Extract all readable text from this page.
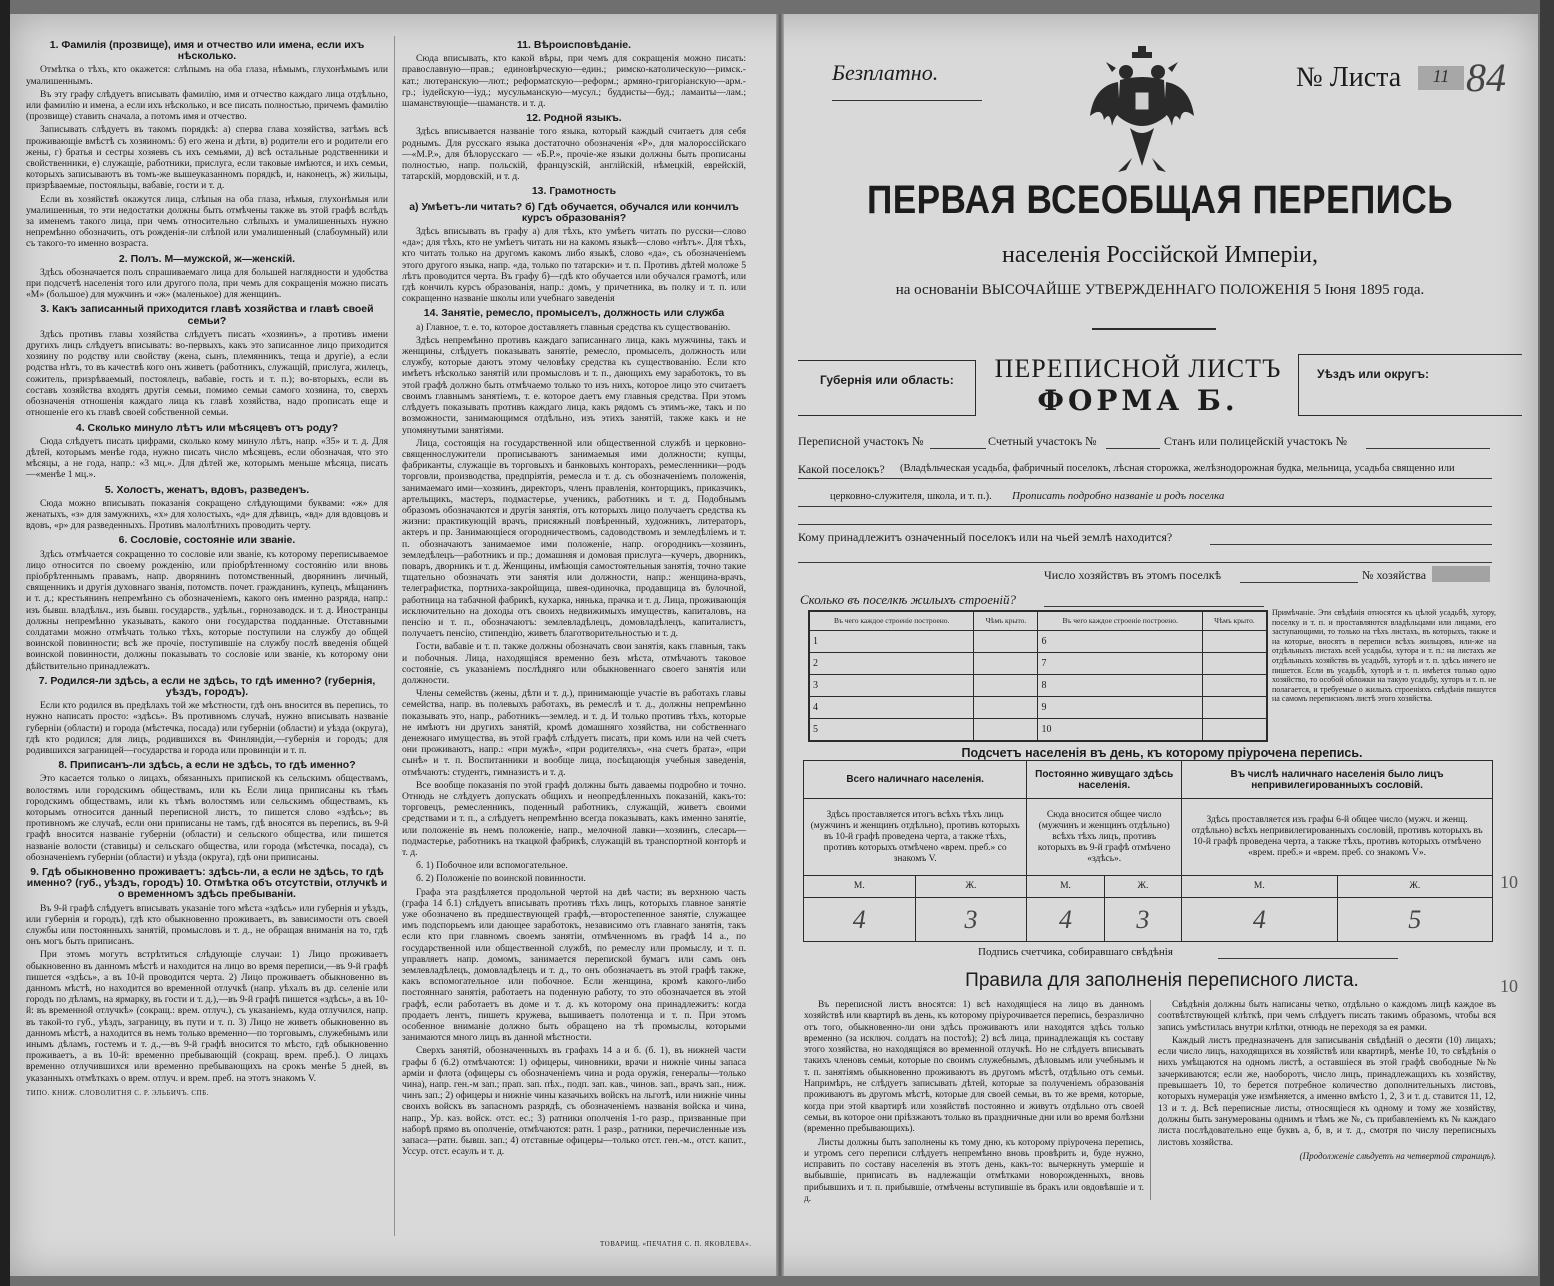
1. Фамилія (прозвище), имя и отчество или имена, если ихъ нѣсколько.

Отмѣтка о тѣхъ, кто окажется: слѣпымъ на оба глаза, нѣмымъ, глухонѣмымъ или умалишеннымъ.

Въ эту графу слѣдуетъ вписывать фамилію, имя и отчество каждаго лица отдѣльно, или фамилію и имена, а если ихъ нѣсколько, и все писать полностью, причемъ фамилію (прозвище) ставить сначала, а потомъ имя и отчество.

Записывать слѣдуетъ въ такомъ порядкѣ: а) сперва глава хозяйства, затѣмъ всѣ проживающіе вмѣстѣ съ хозяиномъ: б) его жена и дѣти, в) родители его и родители его жены, г) братья и сестры хозяевъ съ ихъ семьями, д) всѣ остальные родственники и свойственники, е) служащіе, работники, прислуга, если таковые имѣются, и ихъ семьи, которыхъ записываютъ въ томъ-же вышеуказанномъ порядкѣ, и, наконецъ, ж) жильцы, призрѣваемые, постояльцы, вабавіе, гости и т. д.

Если въ хозяйствѣ окажутся лица, слѣпыя на оба глаза, нѣмыя, глухонѣмыя или умалишенныя, то эти недостатки должны быть отмѣчены также въ этой графѣ вслѣдъ за именемъ такого лица, при чемъ относительно слѣпыхъ и умалишенныхъ нужно непремѣнно обозначить, отъ рожденія-ли слѣпой или умалишенный (слабоумный) или съ такого-то именно возраста.

2. Полъ. М—мужской, ж—женскій.

Здѣсь обозначается полъ спрашиваемаго лица для большей наглядности и удобства при подсчетѣ населенія того или другого пола, при чемъ для сокращенія можно писать «М» (большое) для мужчинъ и «ж» (маленькое) для женщинъ.

3. Какъ записанный приходится главѣ хозяйства и главѣ своей семьи?

Здѣсь противъ главы хозяйства слѣдуетъ писать «хозяинъ», а противъ имени другихъ лицъ слѣдуетъ вписывать: во-первыхъ, какъ это записанное лицо приходится хозяину по родству или свойству (жена, сынъ, племянникъ, теща и другіе), а если родства нѣтъ, то въ качествѣ кого онъ живетъ (работникъ, служащій, прислуга, жилецъ, сожитель, призрѣваемый, постоялецъ, вабавіе, гость и т. п.); во-вторыхъ, если въ составъ хозяйства входятъ другія семьи, помимо семьи самого хозяина, то, сверхъ обозначенія отношенія каждаго лица къ главѣ хозяйства, надо прописать еще и отношеніе его къ главѣ своей собственной семьи.

4. Сколько минуло лѣтъ или мѣсяцевъ отъ роду?

Сюда слѣдуетъ писать цифрами, сколько кому минуло лѣтъ, напр. «35» и т. д. Для дѣтей, которымъ менѣе года, нужно писать число мѣсяцевъ, если обозначая, что это мѣсяцы, а не года, напр.: «3 мц.». Для дѣтей же, которымъ меньше мѣсяца, писать—«менѣе 1 мц.».

5. Холостъ, женатъ, вдовъ, разведенъ.

Сюда можно вписывать показанія сокращено слѣдующими буквами: «ж» для женатыхъ, «з» для замужнихъ, «х» для холостыхъ, «д» для дѣвицъ, «вд» для вдовцовъ и вдовъ, «р» для разведенныхъ. Противъ малолѣтнихъ проводить черту.

6. Сословіе, состояніе или званіе.

Здѣсь отмѣчается сокращенно то сословіе или званіе, къ которому переписываемое лицо относится по своему рожденію, или пріобрѣтенному состоянію или вновь пріобрѣтеннымъ правамъ, напр. дворянинъ потомственный, дворянинъ личный, священникъ и другія духовнаго званія, потомств. почет. гражданинъ, купецъ, мѣщанинъ и т. д.; крестьянинъ непремѣнно съ обозначеніемъ, какого онъ именно разряда, напр.: изъ бывш. владѣльч., изъ бывш. государств., удѣльн., горнозаводск. и т. д. Иностранцы должны непремѣнно указывать, какого они государства подданные. Отставными солдатами можно отмѣчать только тѣхъ, которые поступили на службу до общей воинской повинности; всѣ же прочіе, поступившіе на службу послѣ введенія общей воинской повинности, должны показывать то сословіе или званіе, къ которому они дѣйствительно принадлежатъ.

7. Родился-ли здѣсь, а если не здѣсь, то гдѣ именно? (губернія, уѣздъ, городъ).

Если кто родился въ предѣлахъ той же мѣстности, гдѣ онъ вносится въ перепись, то нужно написать просто: «здѣсь». Въ противномъ случаѣ, нужно вписывать названіе губерніи (области) и города (мѣстечка, посада) или губерніи (области) и уѣзда (округа), гдѣ кто родился; для лицъ, родившихся въ Финляндіи,—губернія и городъ; для родившихся заграницей—государства и города или провинціи и т. п.

8. Приписанъ-ли здѣсь, а если не здѣсь, то гдѣ именно?

Это касается только о лицахъ, обязанныхъ припиской къ сельскимъ обществамъ, волостямъ или городскимъ обществамъ, или къ Если лица приписаны къ тѣмъ городскимъ обществамъ, или къ тѣмъ волостямъ или сельскимъ обществамъ, къ которымъ относится данный переписной листъ, то пишется слово «здѣсь»; въ противномъ же случаѣ, если они приписаны не тамъ, гдѣ вносятся въ перепись, въ 9-й графѣ вносится названіе губерніи (области) и сельского общества, или пишется названіе волости (ставицы) и сельскаго общества, или города (мѣстечка, посада), съ обозначеніемъ губерніи (области) и уѣзда (округа), гдѣ они приписаны.

9. Гдѣ обыкновенно проживаетъ: здѣсь-ли, а если не здѣсь, то гдѣ именно? (губ., уѣздъ, городъ) 10. Отмѣтка объ отсутствіи, отлучкѣ и о временномъ здѣсь пребываніи.

Въ 9-й графѣ слѣдуетъ вписывать указаніе того мѣста «здѣсь» или губернія и уѣздъ, или губернія и городъ), гдѣ кто обыкновенно проживаетъ, въ зависимости отъ своей службы или постоянныхъ занятій, промысловъ и т. д., не обращая вниманія на то, гдѣ онъ могъ быть приписанъ.

При этомъ могутъ встрѣтиться слѣдующіе случаи: 1) Лицо проживаетъ обыкновенно въ данномъ мѣстѣ и находится на лицо во время переписи,—въ 9-й графѣ пишется «здѣсь», а въ 10-й проводится черта. 2) Лицо проживаетъ обыкновенно въ данномъ мѣстѣ, но находится во временной отлучкѣ (напр. уѣхалъ въ др. селеніе или городъ по дѣламъ, на ярмарку, въ гости и т. д.),—въ 9-й графѣ пишется «здѣсь», а въ 10-й: въ временной отлучкѣ» (сокращ.: врем. отлуч.), съ указаніемъ, куда отлучился, напр. въ такой-то губ., уѣздъ, заграницу, въ пути и т. п. 3) Лицо не живетъ обыкновенно въ данномъ мѣстѣ, а находится въ немъ только временно—по торговымъ, служебнымъ или инымъ дѣламъ, гостемъ и т. д.,—въ 9-й графѣ вносится то мѣсто, гдѣ обыкновенно проживаетъ, а въ 10-й: временно пребывающій (сокращ. врем. преб.). О лицахъ временно отлучившихся или временно пребывающихъ на срокъ менѣе 5 дней, въ указанныхъ отмѣткахъ о врем. отлуч. и врем. преб. на этотъ знакомъ V.

ТИПО. КНИЖ. СЛОВОЛИТНЯ С. Р. ЭЛЬБИЧЪ. СПБ.

11. Вѣроисповѣданіе.

Сюда вписывать, кто какой вѣры, при чемъ для сокращенія можно писать: православную—прав.; единовѣрческую—един.; римско-католическую—римск.-кат.; лютеранскую—лют.; реформатскую—реформ.; армяно-григоріанскую—арм.-гр.; іудейскую—іуд.; мусульманскую—мусул.; буддисты—буд.; ламаиты—лам.; шаманствующіе—шаманств. и т. д.

12. Родной языкъ.

Здѣсь вписывается названіе того языка, который каждый считаетъ для себя роднымъ. Для русскаго языка достаточно обозначенія «Р», для малороссійскаго—«М.Р.», для бѣлорусскаго — «Б.Р.», прочіе-же языки должны быть прописаны полностью, напр. польскій, французскій, англійскій, нѣмецкій, еврейскій, татарскій, мордовскій, и т. д.

13. Грамотность
а) Умѣетъ-ли читать? б) Гдѣ обучается, обучался или кончилъ курсъ образованія?

Здѣсь вписывать въ графу а) для тѣхъ, кто умѣетъ читать по русски—слово «да»; для тѣхъ, кто не умѣетъ читать ни на какомъ языкѣ—слово «нѣтъ». Для тѣхъ, кто читать только на другомъ какомъ либо языкѣ, слово «да», съ обозначеніемъ этого другого языка, напр. «да, только по татарски» и т. п. Противъ дѣтей моложе 5 лѣтъ проводится черта. Въ графу б)—гдѣ кто обучается или обучался грамотѣ, или гдѣ кончилъ курсъ образованія, напр.: домъ, у причетника, въ полку и т. п. или сокращенно названіе школы или учебнаго заведенія

14. Занятіе, ремесло, промыселъ, должность или служба

а) Главное, т. е. то, которое доставляетъ главныя средства къ существованію.

Здѣсь непремѣнно противъ каждаго записаннаго лица, какъ мужчины, такъ и женщины, слѣдуетъ показывать занятіе, ремесло, промыселъ, должность или службу, которые даютъ этому человѣку средства къ существованію. Если кто имѣетъ нѣсколько занятій или промысловъ и т. п., дающихъ ему заработокъ, то въ этой графѣ должно быть отмѣчаемо только то изъ нихъ, которое лицо это считаетъ своимъ главнымъ занятіемъ, т. е. которое даетъ ему главныя средства. При этомъ слѣдуетъ показывать противъ каждаго лица, какъ рядомъ съ этимъ-же, такъ и по возможности, занимающимся отдѣльно, изъ этихъ занятій, также какъ и не упомянутыми занятіями.

Лица, состоящія на государственной или общественной службѣ и церковно-священнослужители прописываютъ занимаемыя ими должности; купцы, фабриканты, служащіе въ торговыхъ и банковыхъ конторахъ, ремесленники—родъ торговли, производства, предпріятія, ремесла и т. д. съ обозначеніемъ положенія, занимаемаго ими—хозяинъ, директоръ, членъ правленія, конторщикъ, приказчикъ, артельщикъ, мастеръ, подмастерье, ученикъ, работникъ и т. д. Подобнымъ образомъ обозначаются и другія занятія, отъ которыхъ лицо получаетъ средства къ жизни: практикующій врачъ, присяжный повѣренный, художникъ, литераторъ, актеръ и пр. Занимающіеся огородничествомъ, садоводствомъ и земледѣліемъ и т. п. обозначаютъ занимаемое ими положеніе, напр. огородникъ—хозяинъ, земледѣлецъ—работникъ и пр.; домашняя и домовая прислуга—кучеръ, дворникъ, поваръ, дворникъ и т. д. Женщины, имѣющія самостоятельныя занятія, точно такие тщательно обозначать эти занятія или должности, напр.: женщина-врачъ, телеграфистка, портниха-закройщица, швея-одиночка, продавщица въ булочной, работница на табачной фабрикѣ, кухарка, нянька, прачка и т. д. Лица, проживающія исключительно на доходы отъ своихъ недвижимыхъ имуществъ, капиталовъ, на пенсію и т. п., обозначаютъ: землевладѣлецъ, домовладѣлецъ, капиталистъ, получаетъ пенсію, стипендію, живетъ благотворительностью и т. д.

Гости, вабавіе и т. п. также должны обозначать свои занятія, какъ главныя, такъ и побочныя. Лица, находящіяся временно безъ мѣста, отмѣчаютъ таковое состояніе, съ указаніемъ послѣдняго или обыкновеннаго своего занятія или должности.

Члены семействъ (жены, дѣти и т. д.), принимающіе участіе въ работахъ главы семейства, напр. въ полевыхъ работахъ, въ ремеслѣ и т. д., должны непремѣнно показывать это, напр., работникъ—землед. и т. д. И только противъ тѣхъ, которые не имѣютъ ни другихъ занятій, кромѣ домашняго хозяйства, ни собственнаго денежнаго имущества, въ этой графѣ слѣдуетъ писать, при комъ или на чей счетъ они проживаютъ, напр.: «при мужѣ», «при родителяхъ», «на счетъ брата», «при сынѣ» и т. п. Воспитанники и вообще лица, посѣщающія учебныя заведенія, отмѣчаютъ: студентъ, гимназистъ и т. д.

Все вообще показанія по этой графѣ должны быть даваемы подробно и точно. Отнюдь не слѣдуетъ допускать общихъ и неопредѣленныхъ показаній, какъ-то: торговецъ, ремесленникъ, поденный работникъ, служащій, живетъ своими средствами и т. п., а слѣдуетъ непремѣнно всегда показывать, какъ именно занятіе, или положеніе въ немъ положеніе, напр., мелочной лавки—хозяинъ, слесарь—подмастерье, работникъ на ткацкой фабрикѣ, служащій въ транспортной конторѣ и т. д.

б. 1) Побочное или вспомогательное.

б. 2) Положеніе по воинской повинности.

Графа эта раздѣляется продольной чертой на двѣ части; въ верхнюю часть (графа 14 б.1) слѣдуетъ вписывать противъ тѣхъ лицъ, которыхъ главное занятіе уже обозначено въ предшествующей графѣ,—второстепенное занятіе, служащее имъ подспорьемъ или дающее заработокъ, независимо отъ главнаго занятія, такъ если кто при главномъ своемъ занятіи, отмѣченномъ въ графѣ 14 а., по государственной или общественной службѣ, по ремеслу или промыслу, и т. п. управляетъ напр. домомъ, занимается перепиской бумагъ или самъ онъ землевладѣлецъ, домовладѣлецъ и т. д., то онъ обозначаетъ въ этой графѣ также, какъ вспомогательное или побочное. Если женщина, кромѣ какого-либо постояннаго занятія, работаетъ на поденную работу, то это обозначается въ этой графѣ, если работаетъ въ доме и т. д. къ которому она принадлежитъ: когда продаетъ лентъ, пишетъ кружева, вышиваетъ полотенца и т. п. При этомъ особенное вниманіе должно быть обращено на тѣ промыслы, которыми занимаются много лицъ въ данной мѣстности.

Сверхъ занятій, обозначенныхъ въ графахъ 14 а и б. (б. 1), въ нижней части графы б (6.2) отмѣчаются: 1) офицеры, чиновники, врачи и нижніе чины запаса арміи и флота (офицеры съ обозначеніемъ чина и рода оружія, генералы—только чина), напр. ген.-м зап.; прап. зап. пѣх., подп. зап. кав., чинов. зап., врачъ зап., ниж. чинъ зап.; 2) офицеры и нижніе чины казачьихъ войскъ на льготѣ, или нижніе чины своихъ войскъ въ запасномъ разрядѣ, съ обозначеніемъ названія войска и чина, напр., Ур. каз. войск. отст. ес.; 3) ратники ополченія 1-го разр., призванные при наборѣ прямо въ ополченіе, отмѣчаются: ратн. 1 разр., ратники, перечисленные изъ запаса—ратн. бывш. зап.; 4) отставные офицеры—только отст. ген.-м., отст. капит., Уссур. отст. есаулъ и т. д.

Безплатно.	№ Листа	11 84
ПЕРВАЯ ВСЕОБЩАЯ ПЕРЕПИСЬ
населенія Россійской Имперіи,
на основаніи ВЫСОЧАЙШЕ УТВЕРЖДЕННАГО ПОЛОЖЕНІЯ 5 Іюня 1895 года.
Губернія или область:	ПЕРЕПИСНОЙ ЛИСТЪ
ФОРМА Б.
Уѣздъ или округъ:
Переписной участокъ №	Счетный участокъ №	Станъ или полицейскій участокъ №
Какой поселокъ? (Владѣльческая усадьба, фабричный поселокъ, лѣсная сторожка, желѣзнодорожная будка, мельница, усадьба священно или
церковно-служителя, школа, и т. п.). Прописать подробно названіе и родъ поселка
Кому принадлежитъ означенный поселокъ или на чьей землѣ находится?
Число хозяйствъ въ этомъ поселкѣ	№ хозяйства
Сколько въ поселкѣ жилыхъ строеній?
Въ чего каждое строеніе построено.	Чѣмъ крыто.	Въ чего каждое строеніе построено.	Чѣмъ крыто.
1		6	
2		7	
3		8	
4		9	
5		10	
Примѣчаніе. Эти свѣдѣнія относятся къ цѣлой усадьбѣ, хутору, поселку и т. п. и проставляются владѣльцами или лицами, его заступающими, то только на тѣхъ листахъ, въ которыхъ, также и на которые, вносятъ в переписи всѣхъ жильцовъ, или-же на отдѣльныхъ листахъ всей усадьбы, хутора и т. п.: на листахъ же отдѣльныхъ хозяйствъ въ усадьбѣ, хуторѣ и т. п. здѣсь ничего не пишется. Если въ усадьбѣ, хуторѣ и т. п. имѣется только одно хозяйство, то особой обложки на такую усадьбу, хуторъ и т. п. не полагается, и требуемые о жилыхъ строеніяхъ свѣдѣнія пишутся на самомъ переписномъ листѣ этого хозяйства.
Подсчетъ населенія въ день, къ которому пріурочена перепись.
Всего наличнаго населенія.		Постоянно живущаго здѣсь населенія.		Въ числѣ наличнаго населенія было лицъ непривилегированныхъ сословій.	
Здѣсь проставляется итогъ всѣхъ тѣхъ лицъ (мужчинъ и женщинъ отдѣльно), противъ которыхъ въ 10-й графѣ проведена черта, а также тѣхъ, противъ которыхъ отмѣчено «врем. преб.» со знакомъ V.		Сюда вносится общее число (мужчинъ и женщинъ отдѣльно) всѣхъ тѣхъ лицъ, противъ которыхъ въ 9-й графѣ отмѣчено «здѣсь».		Здѣсь проставляется изъ графы 6-й общее число (мужч. и женщ. отдѣльно) всѣхъ непривилегированныхъ сословій, противъ которыхъ въ 10-й графѣ проведена черта, а также тѣхъ, противъ которыхъ отмѣчено «врем. преб.» и «врем. преб. со знакомъ V».	
М.	Ж.	М.	Ж.	М.	Ж.
4	3	4	3	4	5
10
Подпись счетчика, собиравшаго свѣдѣнія
Правила для заполненія переписного листа.	10

Въ переписной листъ вносятся: 1) всѣ находящіеся на лицо въ данномъ хозяйствѣ или квартирѣ въ день, къ которому пріурочивается перепись, безразлично отъ того, обыкновенно-ли они здѣсь проживаютъ или находятся здѣсь только временно (за исключ. солдатъ на постоѣ); 2) всѣ лица, принадлежащія къ составу этого хозяйства, но находящіяся во временной отлучкѣ. Но не слѣдуетъ вписывать такихъ членовъ семьи, которые по своимъ служебнымъ, дѣловымъ или учебнымъ и т. п. занятіямъ обыкновенно проживаютъ въ другомъ мѣстѣ, отдѣльно отъ семьи. Напримѣръ, не слѣдуетъ записывать дѣтей, которые за полученіемъ образованія проживаютъ въ другомъ мѣстѣ, которые для своей семьи, въ то же время, которые, когда при этой квартирѣ или хозяйствѣ постоянно и живутъ отдѣльно отъ своей семьи, въ которое они пріѣзжаютъ только въ праздничные дни или во время болѣзни (временно пребывающихъ).

Листы должны быть заполнены къ тому дню, къ которому пріурочена перепись, и утромъ сего переписи слѣдуетъ непремѣнно вновь провѣрить и, буде нужно, исправить по составу населенія въ этотъ день, какъ-то: вычеркнуть умершіе и выбывшіе, приписать въ надлежащіи отмѣтками новорожденныхъ, вновь прибывшихъ и т. п. прибывшіе, отмѣчены вступившіе въ бракъ или овдовѣвшіе и т. д.

Свѣдѣнія должны быть написаны четко, отдѣльно о каждомъ лицѣ каждое въ соотвѣтствующей клѣткѣ, при чемъ слѣдуетъ писать такимъ образомъ, чтобы вся запись умѣстилась внутри клѣтки, отнюдь не переходя за ея рамки.

Каждый листъ предназначенъ для записыванія свѣдѣній о десяти (10) лицахъ; если число лицъ, находящихся въ хозяйствѣ или квартирѣ, менѣе 10, то свѣдѣнія о нихъ умѣщаются на одномъ листѣ, а оставшіеся въ этой графѣ свободные №№ зачеркиваются; если же, наоборотъ, число лицъ, принадлежащихъ къ хозяйству, превышаетъ 10, то берется потребное количество дополнительныхъ листовъ, которыхъ нумерація уже измѣняется, а именно вмѣсто 1, 2, 3 и т. д. ставится 11, 12, 13 и т. д. Всѣ переписные листы, относящіеся къ одному и тому же хозяйству, должны быть занумерованы однимъ и тѣмъ же №, съ прибавленіемъ къ № каждаго листа послѣдовательно еще буквъ а, б, в, и т. д., смотря по числу переписныхъ листовъ хозяйства.

(Продолженіе слѣдуетъ на четвертой страницѣ).
ТОВАРИЩ. «ПЕЧАТНЯ С. П. ЯКОВЛЕВА».
